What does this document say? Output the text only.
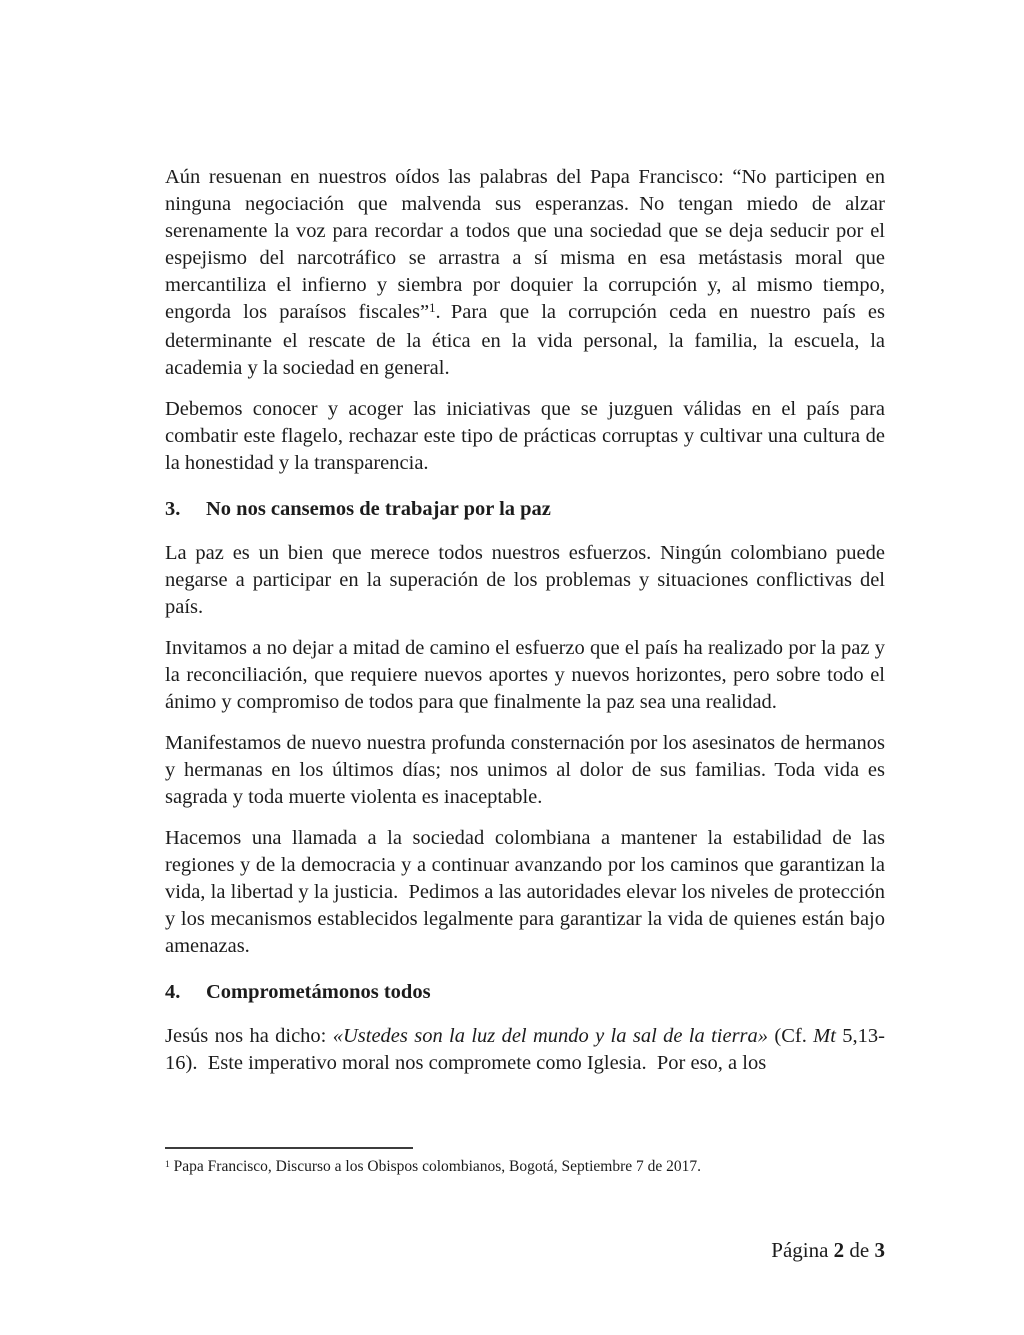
Aún resuenan en nuestros oídos las palabras del Papa Francisco: “No participen en ninguna negociación que malvenda sus esperanzas. No tengan miedo de alzar serenamente la voz para recordar a todos que una sociedad que se deja seducir por el espejismo del narcotráfico se arrastra a sí misma en esa metástasis moral que mercantiliza el infierno y siembra por doquier la corrupción y, al mismo tiempo, engorda los paraísos fiscales”$^1$. Para que la corrupción ceda en nuestro país es determinante el rescate de la ética en la vida personal, la familia, la escuela, la academia y la sociedad en general.

Debemos conocer y acoger las iniciativas que se juzguen válidas en el país para combatir este flagelo, rechazar este tipo de prácticas corruptas y cultivar una cultura de la honestidad y la transparencia.

3. No nos cansemos de trabajar por la paz

La paz es un bien que merece todos nuestros esfuerzos. Ningún colombiano puede negarse a participar en la superación de los problemas y situaciones conflictivas del país.

Invitamos a no dejar a mitad de camino el esfuerzo que el país ha realizado por la paz y la reconciliación, que requiere nuevos aportes y nuevos horizontes, pero sobre todo el ánimo y compromiso de todos para que finalmente la paz sea una realidad.

Manifestamos de nuevo nuestra profunda consternación por los asesinatos de hermanos y hermanas en los últimos días; nos unimos al dolor de sus familias. Toda vida es sagrada y toda muerte violenta es inaceptable.

Hacemos una llamada a la sociedad colombiana a mantener la estabilidad de las regiones y de la democracia y a continuar avanzando por los caminos que garantizan la vida, la libertad y la justicia. Pedimos a las autoridades elevar los niveles de protección y los mecanismos establecidos legalmente para garantizar la vida de quienes están bajo amenazas.

4. Comprometámonos todos

Jesús nos ha dicho: «Ustedes son la luz del mundo y la sal de la tierra» (Cf. Mt 5,13-16). Este imperativo moral nos compromete como Iglesia. Por eso, a los

$^1$ Papa Francisco, Discurso a los Obispos colombianos, Bogotá, Septiembre 7 de 2017.
Página 2 de 3
